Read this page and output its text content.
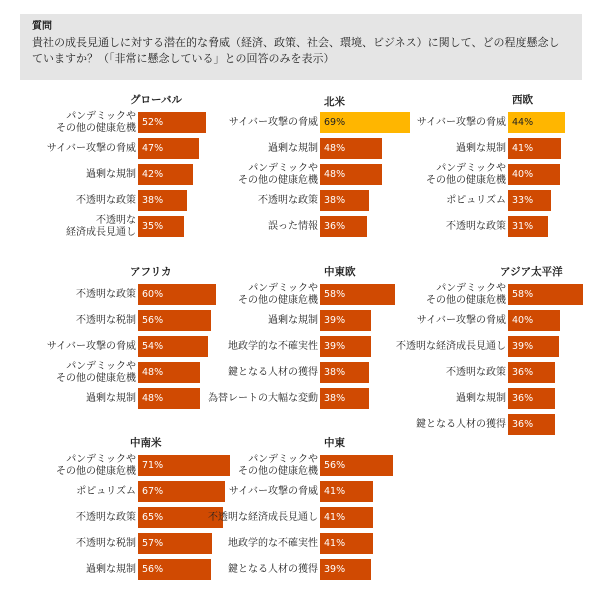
質問
貴社の成長見通しに対する潜在的な脅威（経済、政策、社会、環境、ビジネス）に関して、どの程度懸念していますか？（「非常に懸念している」との回答のみを表示）
グローバル
パンデミックや
その他の健康危機 52%
サイバー攻撃の脅威 47%
過剰な規制 42%
不透明な政策 38%
不透明な
経済成長見通し 35%
北米
サイバー攻撃の脅威 69%
過剰な規制 48%
パンデミックや
その他の健康危機 48%
不透明な政策 38%
誤った情報 36%
西欧
サイバー攻撃の脅威 44%
過剰な規制 41%
パンデミックや
その他の健康危機 40%
ポピュリズム 33%
不透明な政策 31%
アフリカ
不透明な政策 60%
不透明な税制 56%
サイバー攻撃の脅威 54%
パンデミックや
その他の健康危機 48%
過剰な規制 48%
中東欧
パンデミックや
その他の健康危機 58%
過剰な規制 39%
地政学的な不確実性 39%
鍵となる人材の獲得 38%
為替レートの大幅な変動 38%
アジア太平洋
パンデミックや
その他の健康危機 58%
サイバー攻撃の脅威 40%
不透明な経済成長見通し 39%
不透明な政策 36%
過剰な規制 36%
鍵となる人材の獲得 36%
中南米
パンデミックや
その他の健康危機 71%
ポピュリズム 67%
不透明な政策 65%
不透明な税制 57%
過剰な規制 56%
中東
パンデミックや
その他の健康危機 56%
サイバー攻撃の脅威 41%
不透明な経済成長見通し 41%
地政学的な不確実性 41%
鍵となる人材の獲得 39%
